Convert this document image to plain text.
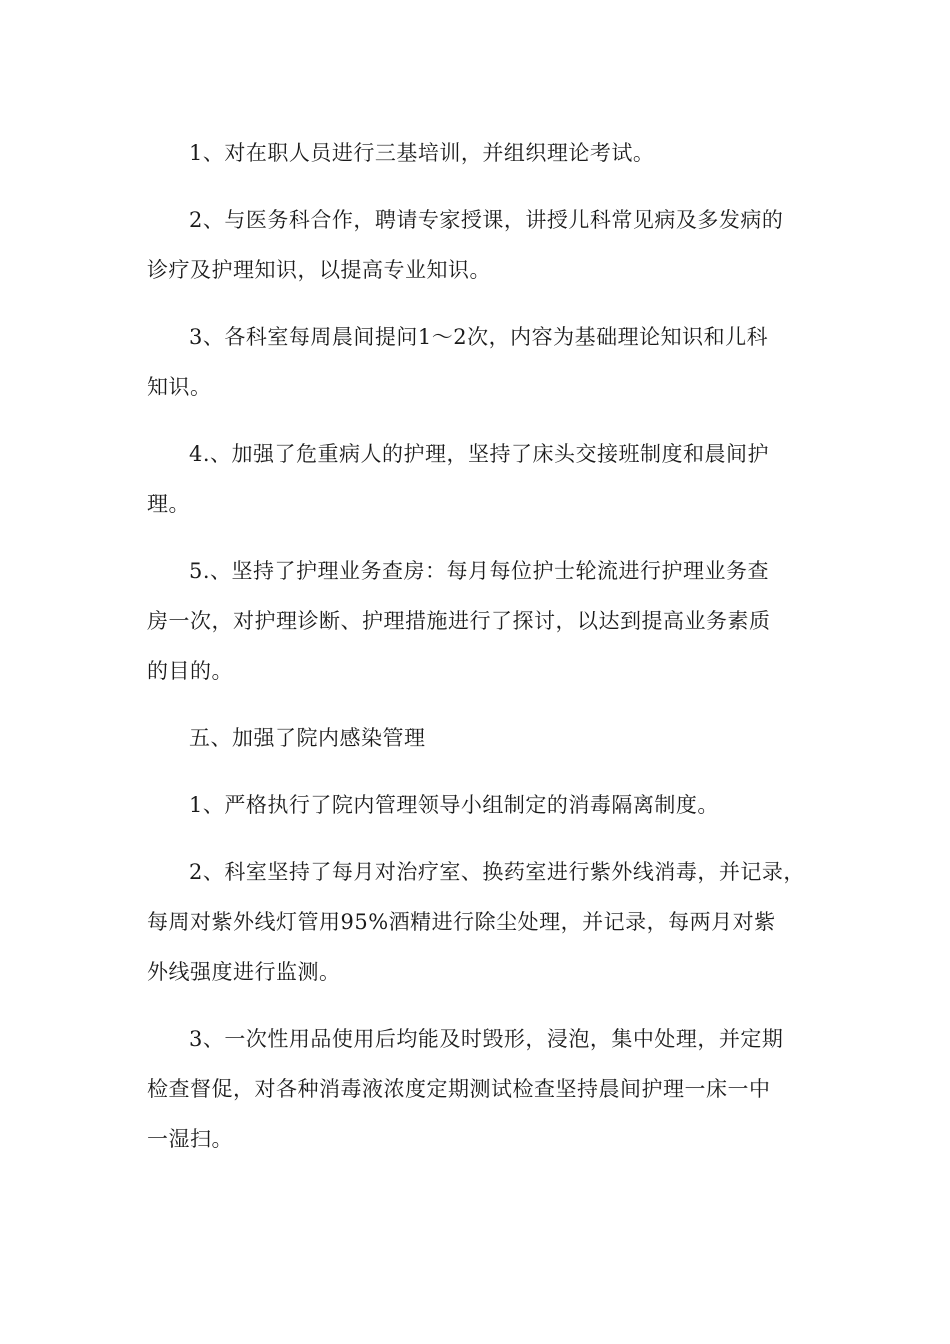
1、对在职人员进行三基培训，并组织理论考试。
2、与医务科合作，聘请专家授课，讲授儿科常见病及多发病的
诊疗及护理知识，以提高专业知识。
3、各科室每周晨间提问1～2次，内容为基础理论知识和儿科
知识。
4.、加强了危重病人的护理，坚持了床头交接班制度和晨间护
理。
5.、坚持了护理业务查房：每月每位护士轮流进行护理业务查
房一次，对护理诊断、护理措施进行了探讨，以达到提高业务素质
的目的。
五、加强了院内感染管理
1、严格执行了院内管理领导小组制定的消毒隔离制度。
2、科室坚持了每月对治疗室、换药室进行紫外线消毒，并记录，
每周对紫外线灯管用95%酒精进行除尘处理，并记录，每两月对紫
外线强度进行监测。
3、一次性用品使用后均能及时毁形，浸泡，集中处理，并定期
检查督促，对各种消毒液浓度定期测试检查坚持晨间护理一床一中
一湿扫。
